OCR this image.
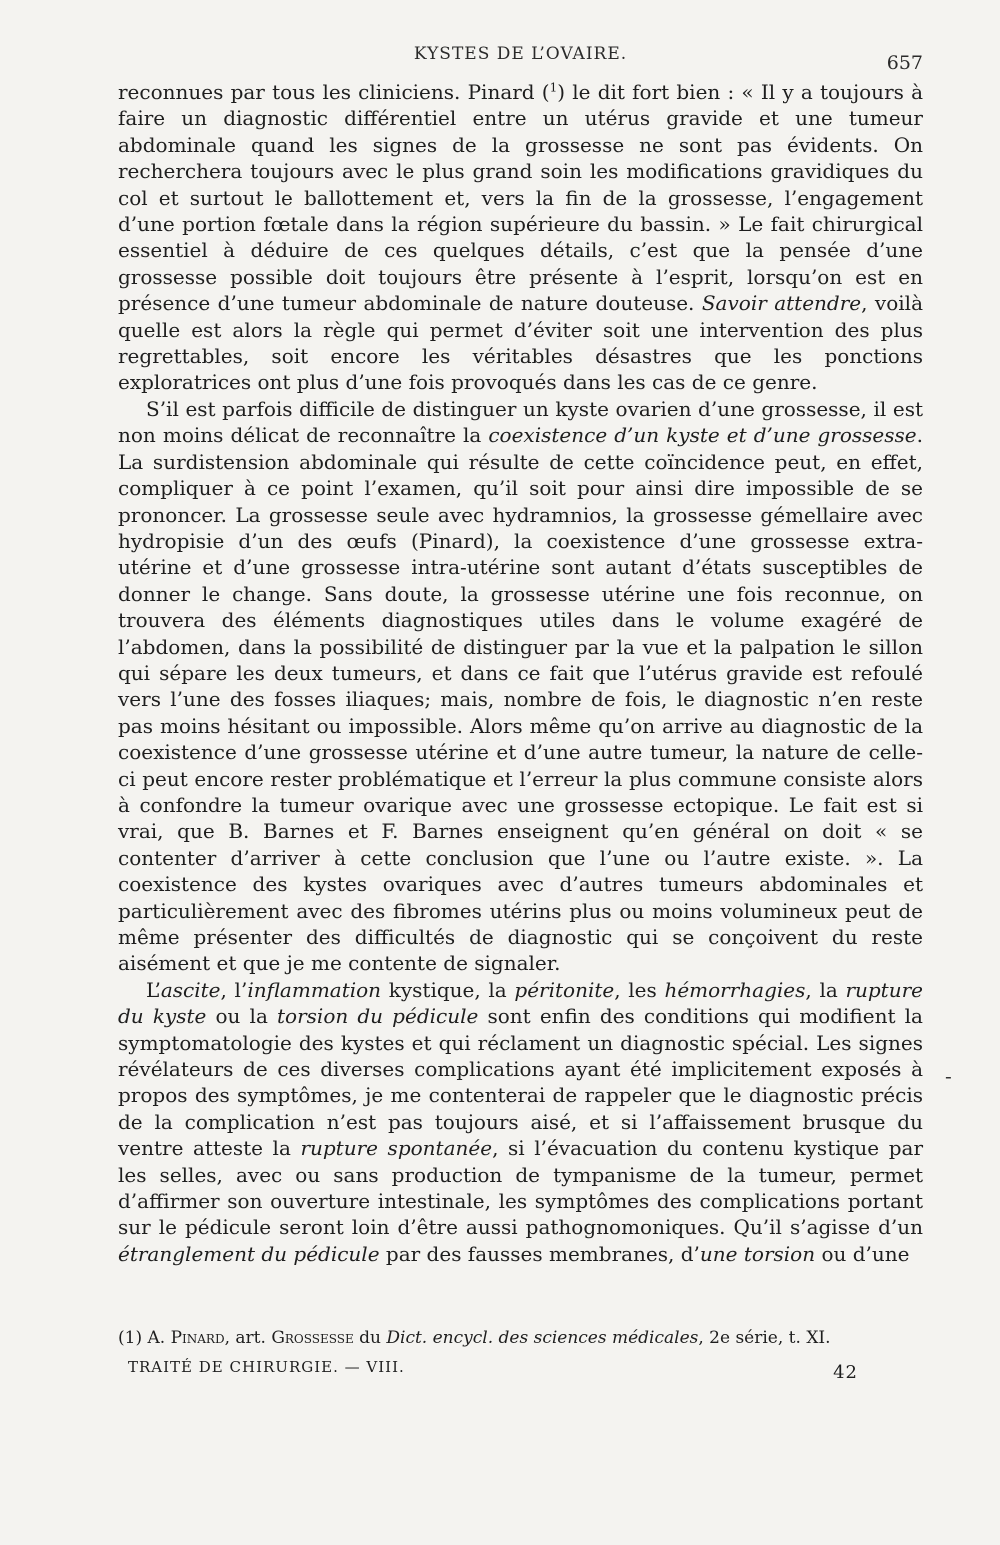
KYSTES DE L’OVAIRE.	657

reconnues par tous les cliniciens. Pinard ($^1$) le dit fort bien : « Il y a toujours à faire un diagnostic différentiel entre un utérus gravide et une tumeur abdominale quand les signes de la grossesse ne sont pas évidents. On recherchera toujours avec le plus grand soin les modifications gravidiques du col et surtout le ballottement et, vers la fin de la grossesse, l’engagement d’une portion fœtale dans la région supérieure du bassin. » Le fait chirurgical essentiel à déduire de ces quelques détails, c’est que la pensée d’une grossesse possible doit toujours être présente à l’esprit, lorsqu’on est en présence d’une tumeur abdominale de nature douteuse. Savoir attendre, voilà quelle est alors la règle qui permet d’éviter soit une intervention des plus regrettables, soit encore les véritables désastres que les ponctions exploratrices ont plus d’une fois provoqués dans les cas de ce genre.

S’il est parfois difficile de distinguer un kyste ovarien d’une grossesse, il est non moins délicat de reconnaître la coexistence d’un kyste et d’une grossesse. La surdistension abdominale qui résulte de cette coïncidence peut, en effet, compliquer à ce point l’examen, qu’il soit pour ainsi dire impossible de se prononcer. La grossesse seule avec hydramnios, la grossesse gémellaire avec hydropisie d’un des œufs (Pinard), la coexistence d’une grossesse extra-utérine et d’une grossesse intra-utérine sont autant d’états susceptibles de donner le change. Sans doute, la grossesse utérine une fois reconnue, on trouvera des éléments diagnostiques utiles dans le volume exagéré de l’abdomen, dans la possibilité de distinguer par la vue et la palpation le sillon qui sépare les deux tumeurs, et dans ce fait que l’utérus gravide est refoulé vers l’une des fosses iliaques; mais, nombre de fois, le diagnostic n’en reste pas moins hésitant ou impossible. Alors même qu’on arrive au diagnostic de la coexistence d’une grossesse utérine et d’une autre tumeur, la nature de celle-ci peut encore rester problématique et l’erreur la plus commune consiste alors à confondre la tumeur ovarique avec une grossesse ectopique. Le fait est si vrai, que B. Barnes et F. Barnes enseignent qu’en général on doit « se contenter d’arriver à cette conclusion que l’une ou l’autre existe. ». La coexistence des kystes ovariques avec d’autres tumeurs abdominales et particulièrement avec des fibromes utérins plus ou moins volumineux peut de même présenter des difficultés de diagnostic qui se conçoivent du reste aisément et que je me contente de signaler.

L’ascite, l’inflammation kystique, la péritonite, les hémorrhagies, la rupture du kyste ou la torsion du pédicule sont enfin des conditions qui modifient la symptomatologie des kystes et qui réclament un diagnostic spécial. Les signes révélateurs de ces diverses complications ayant été implicitement exposés à propos des symptômes, je me contenterai de rappeler que le diagnostic précis de la complication n’est pas toujours aisé, et si l’affaissement brusque du ventre atteste la rupture spontanée, si l’évacuation du contenu kystique par les selles, avec ou sans production de tympanisme de la tumeur, permet d’affirmer son ouverture intestinale, les symptômes des complications portant sur le pédicule seront loin d’être aussi pathognomoniques. Qu’il s’agisse d’un étranglement du pédicule par des fausses membranes, d’une torsion ou d’une

(1) A. Pinard, art. Grossesse du Dict. encycl. des sciences médicales, 2e série, t. XI.
TRAITÉ DE CHIRURGIE. — VIII.	42
-
